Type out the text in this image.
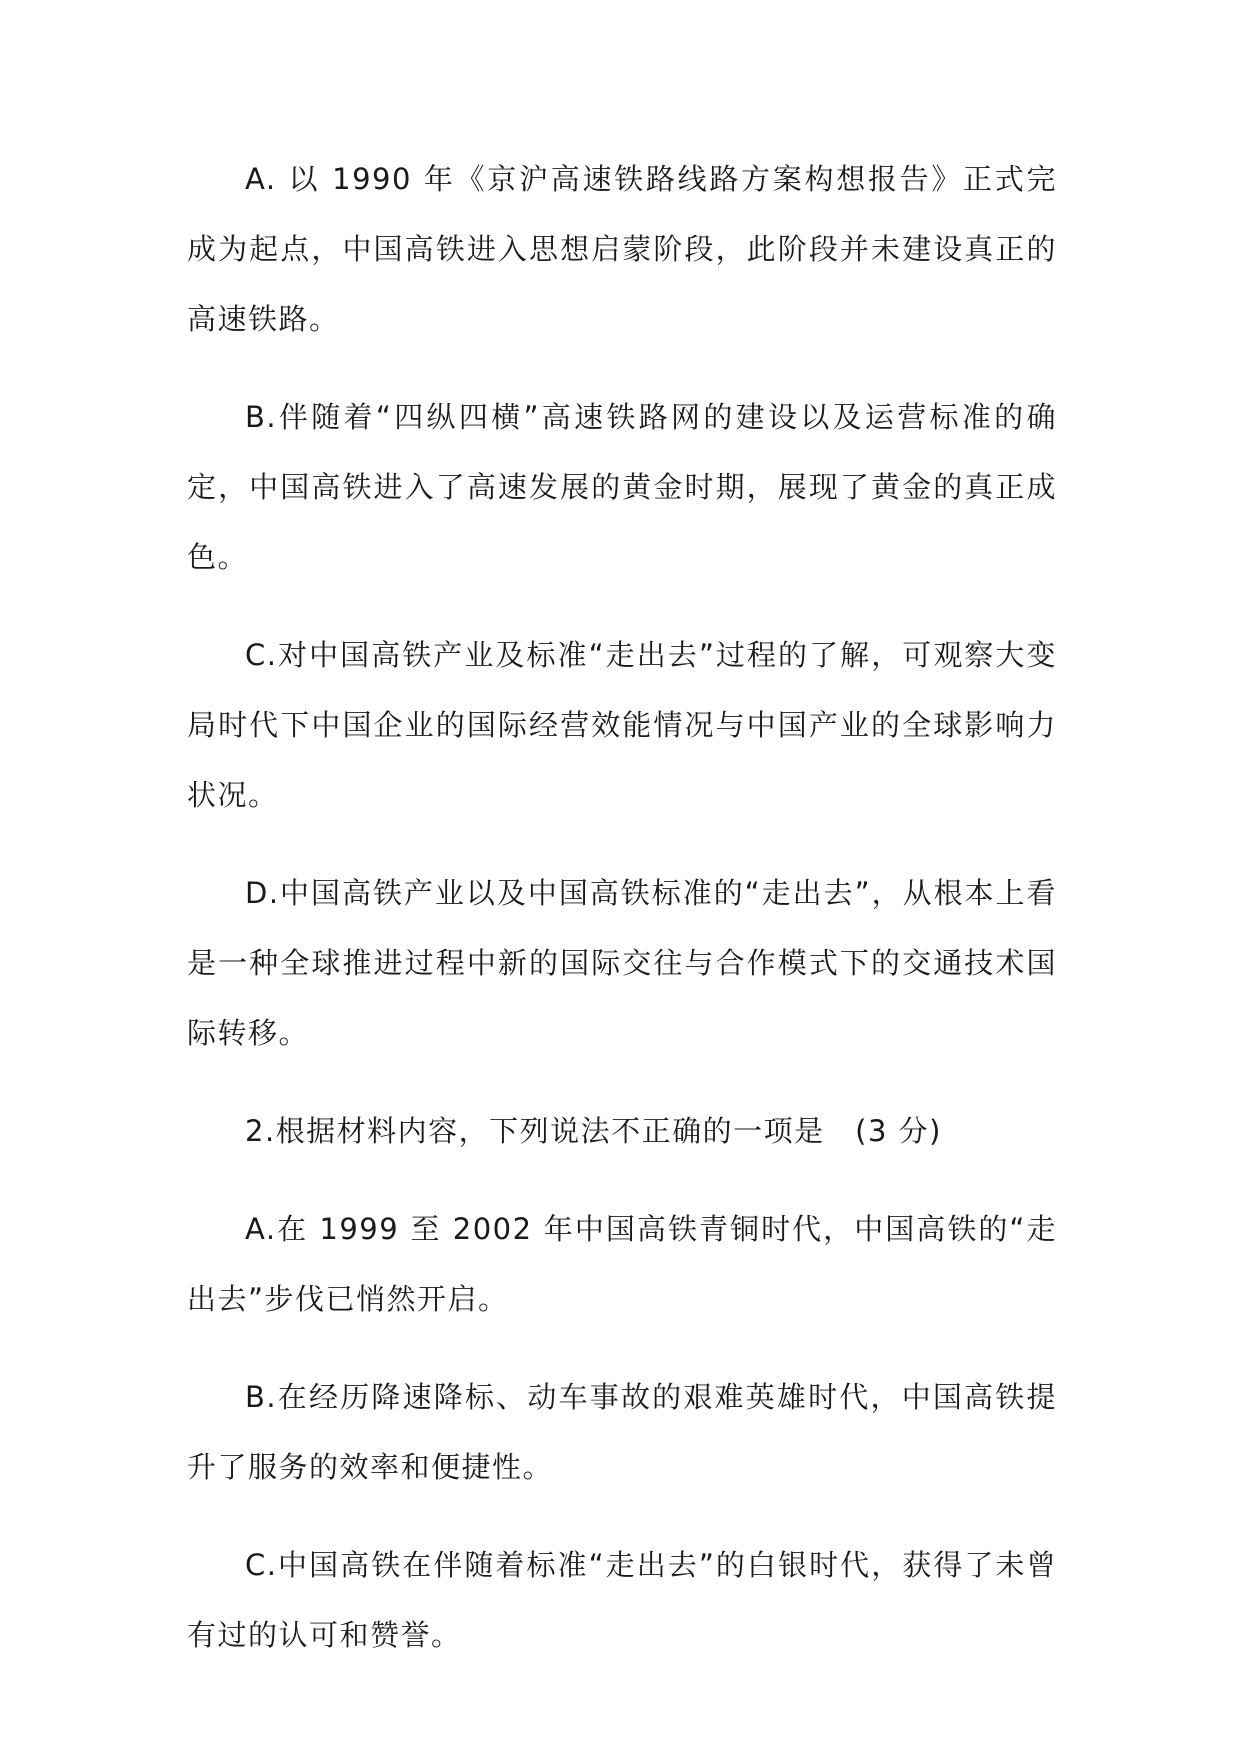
A. 以 1990 年《京沪高速铁路线路方案构想报告》正式完成为起点，中国高铁进入思想启蒙阶段，此阶段并未建设真正的高速铁路。

B.伴随着“四纵四横”高速铁路网的建设以及运营标准的确定，中国高铁进入了高速发展的黄金时期，展现了黄金的真正成色。

C.对中国高铁产业及标准“走出去”过程的了解，可观察大变局时代下中国企业的国际经营效能情况与中国产业的全球影响力状况。

D.中国高铁产业以及中国高铁标准的“走出去”，从根本上看是一种全球推进过程中新的国际交往与合作模式下的交通技术国际转移。

2.根据材料内容，下列说法不正确的一项是　(3 分)

A.在 1999 至 2002 年中国高铁青铜时代，中国高铁的“走出去”步伐已悄然开启。

B.在经历降速降标、动车事故的艰难英雄时代，中国高铁提升了服务的效率和便捷性。

C.中国高铁在伴随着标准“走出去”的白银时代，获得了未曾有过的认可和赞誉。
